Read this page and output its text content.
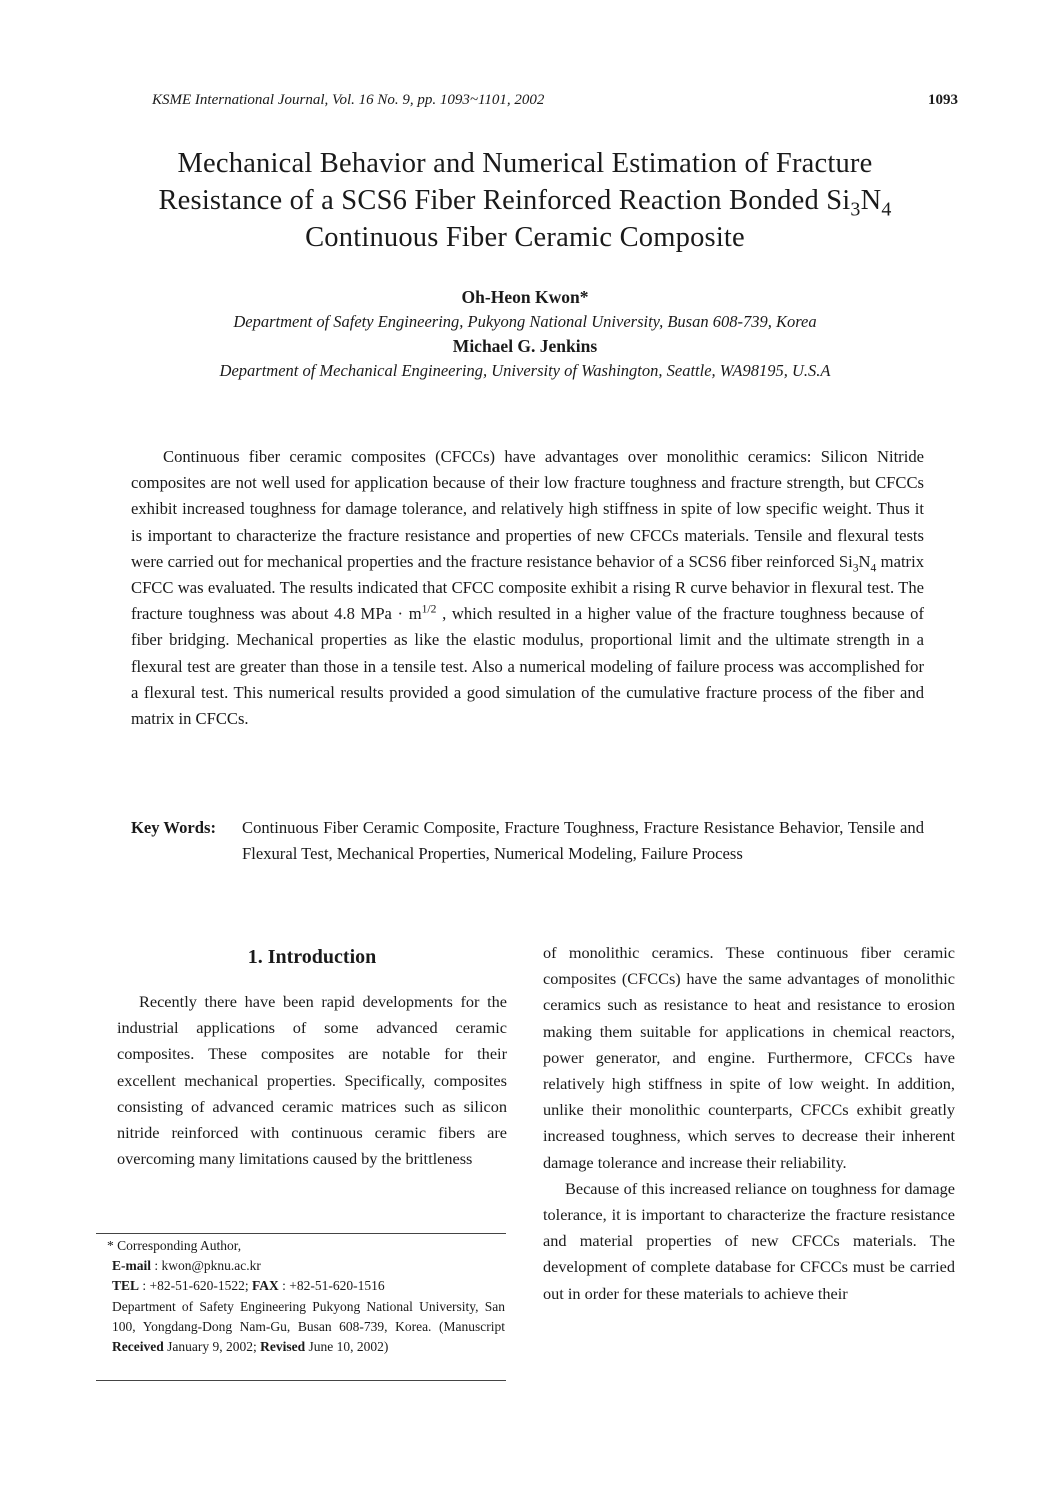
KSME International Journal, Vol. 16 No. 9, pp. 1093~1101, 2002	1093
Mechanical Behavior and Numerical Estimation of Fracture
Resistance of a SCS6 Fiber Reinforced Reaction Bonded $Si_3N_4$
Continuous Fiber Ceramic Composite
Oh-Heon Kwon*
Department of Safety Engineering, Pukyong National University, Busan 608-739, Korea
Michael G. Jenkins
Department of Mechanical Engineering, University of Washington, Seattle, WA98195, U.S.A

Continuous fiber ceramic composites (CFCCs) have advantages over monolithic ceramics: Silicon Nitride composites are not well used for application because of their low fracture toughness and fracture strength, but CFCCs exhibit increased toughness for damage tolerance, and relatively high stiffness in spite of low specific weight. Thus it is important to characterize the fracture resistance and properties of new CFCCs materials. Tensile and flexural tests were carried out for mechanical properties and the fracture resistance behavior of a SCS6 fiber reinforced $Si_3N_4$ matrix CFCC was evaluated. The results indicated that CFCC composite exhibit a rising R curve behavior in flexural test. The fracture toughness was about 4.8 MPa · $m^{1/2}$ , which resulted in a higher value of the fracture toughness because of fiber bridging. Mechanical properties as like the elastic modulus, proportional limit and the ultimate strength in a flexural test are greater than those in a tensile test. Also a numerical modeling of failure process was accomplished for a flexural test. This numerical results provided a good simulation of the cumulative fracture process of the fiber and matrix in CFCCs.

Key Words:	Continuous Fiber Ceramic Composite, Fracture Toughness, Fracture Resistance Behavior, Tensile and Flexural Test, Mechanical Properties, Numerical Modeling, Failure Process
1. Introduction

Recently there have been rapid developments for the industrial applications of some advanced ceramic composites. These composites are notable for their excellent mechanical properties. Specifically, composites consisting of advanced ceramic matrices such as silicon nitride reinforced with continuous ceramic fibers are overcoming many limitations caused by the brittleness

of monolithic ceramics. These continuous fiber ceramic composites (CFCCs) have the same advantages of monolithic ceramics such as resistance to heat and resistance to erosion making them suitable for applications in chemical reactors, power generator, and engine. Furthermore, CFCCs have relatively high stiffness in spite of low weight. In addition, unlike their monolithic counterparts, CFCCs exhibit greatly increased toughness, which serves to decrease their inherent damage tolerance and increase their reliability.

Because of this increased reliance on toughness for damage tolerance, it is important to characterize the fracture resistance and material properties of new CFCCs materials. The development of complete database for CFCCs must be carried out in order for these materials to achieve their

* Corresponding Author,

E-mail : kwon@pknu.ac.kr

TEL : +82-51-620-1522; FAX : +82-51-620-1516

Department of Safety Engineering Pukyong National University, San 100, Yongdang-Dong Nam-Gu, Busan 608-739, Korea. (Manuscript Received January 9, 2002; Revised June 10, 2002)
